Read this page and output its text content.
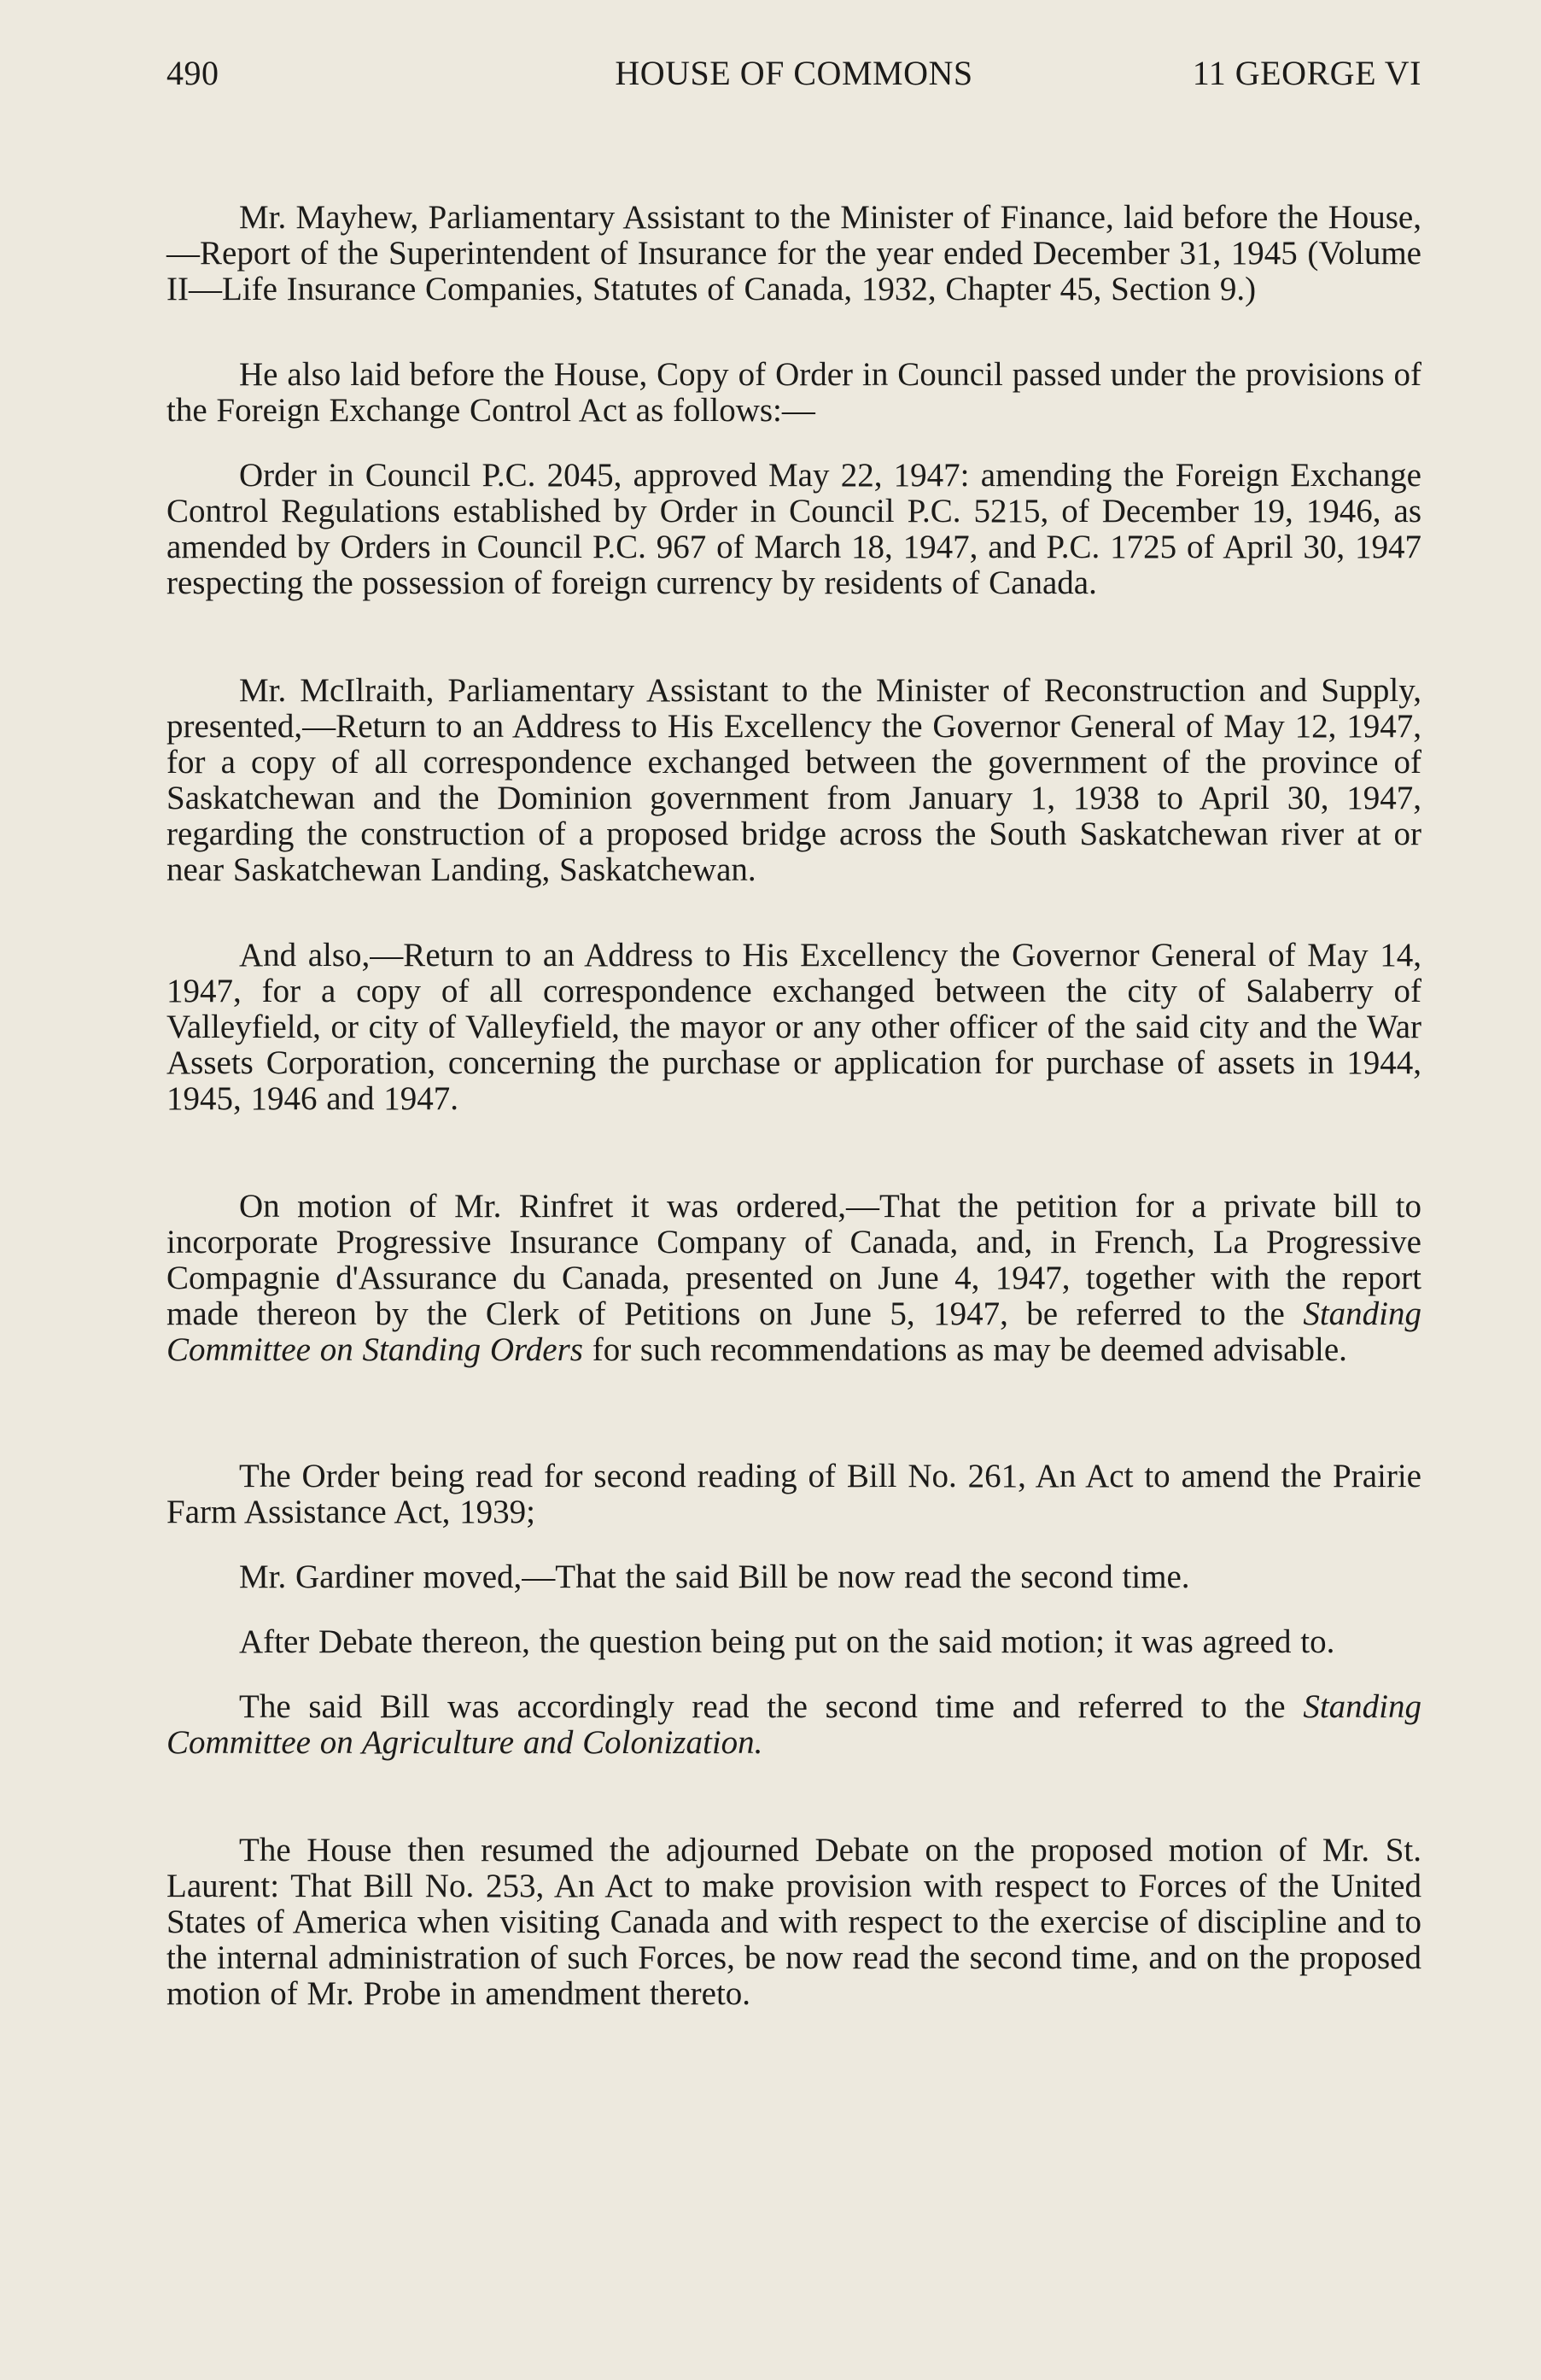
490	HOUSE OF COMMONS	11 GEORGE VI

Mr. Mayhew, Parliamentary Assistant to the Minister of Finance, laid before the House,—Report of the Superintendent of Insurance for the year ended December 31, 1945 (Volume II—Life Insurance Companies, Statutes of Canada, 1932, Chapter 45, Section 9.)

He also laid before the House, Copy of Order in Council passed under the provisions of the Foreign Exchange Control Act as follows:—

Order in Council P.C. 2045, approved May 22, 1947: amending the Foreign Exchange Control Regulations established by Order in Council P.C. 5215, of December 19, 1946, as amended by Orders in Council P.C. 967 of March 18, 1947, and P.C. 1725 of April 30, 1947 respecting the possession of foreign currency by residents of Canada.

Mr. McIlraith, Parliamentary Assistant to the Minister of Reconstruction and Supply, presented,—Return to an Address to His Excellency the Governor General of May 12, 1947, for a copy of all correspondence exchanged between the government of the province of Saskatchewan and the Dominion government from January 1, 1938 to April 30, 1947, regarding the construction of a proposed bridge across the South Saskatchewan river at or near Saskatchewan Landing, Saskatchewan.

And also,—Return to an Address to His Excellency the Governor General of May 14, 1947, for a copy of all correspondence exchanged between the city of Salaberry of Valleyfield, or city of Valleyfield, the mayor or any other officer of the said city and the War Assets Corporation, concerning the purchase or application for purchase of assets in 1944, 1945, 1946 and 1947.

On motion of Mr. Rinfret it was ordered,—That the petition for a private bill to incorporate Progressive Insurance Company of Canada, and, in French, La Progressive Compagnie d'Assurance du Canada, presented on June 4, 1947, together with the report made thereon by the Clerk of Petitions on June 5, 1947, be referred to the Standing Committee on Standing Orders for such recommendations as may be deemed advisable.

The Order being read for second reading of Bill No. 261, An Act to amend the Prairie Farm Assistance Act, 1939;

Mr. Gardiner moved,—That the said Bill be now read the second time.

After Debate thereon, the question being put on the said motion; it was agreed to.

The said Bill was accordingly read the second time and referred to the Standing Committee on Agriculture and Colonization.

The House then resumed the adjourned Debate on the proposed motion of Mr. St. Laurent: That Bill No. 253, An Act to make provision with respect to Forces of the United States of America when visiting Canada and with respect to the exercise of discipline and to the internal administration of such Forces, be now read the second time, and on the proposed motion of Mr. Probe in amendment thereto.
